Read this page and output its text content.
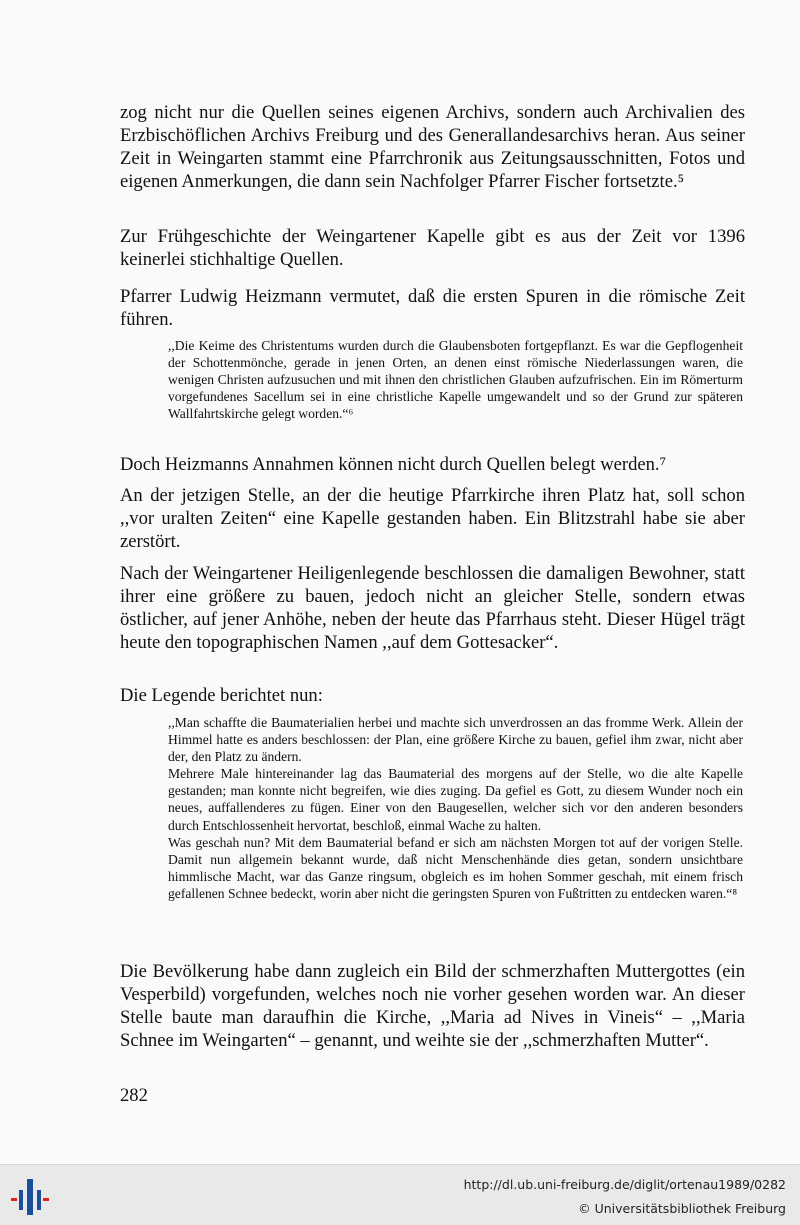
zog nicht nur die Quellen seines eigenen Archivs, sondern auch Archivalien des Erzbischöflichen Archivs Freiburg und des Generallandesarchivs heran. Aus seiner Zeit in Weingarten stammt eine Pfarrchronik aus Zeitungsausschnitten, Fotos und eigenen Anmerkungen, die dann sein Nachfolger Pfarrer Fischer fortsetzte.⁵

Zur Frühgeschichte der Weingartener Kapelle gibt es aus der Zeit vor 1396 keinerlei stichhaltige Quellen.

Pfarrer Ludwig Heizmann vermutet, daß die ersten Spuren in die römische Zeit führen.

,,Die Keime des Christentums wurden durch die Glaubensboten fortgepflanzt. Es war die Gepflogenheit der Schottenmönche, gerade in jenen Orten, an denen einst römische Niederlassungen waren, die wenigen Christen aufzusuchen und mit ihnen den christlichen Glauben aufzufrischen. Ein im Römerturm vorgefundenes Sacellum sei in eine christliche Kapelle umgewandelt und so der Grund zur späteren Wallfahrtskirche gelegt worden.“⁶

Doch Heizmanns Annahmen können nicht durch Quellen belegt werden.⁷

An der jetzigen Stelle, an der die heutige Pfarrkirche ihren Platz hat, soll schon ,,vor uralten Zeiten“ eine Kapelle gestanden haben. Ein Blitzstrahl habe sie aber zerstört.

Nach der Weingartener Heiligenlegende beschlossen die damaligen Bewohner, statt ihrer eine größere zu bauen, jedoch nicht an gleicher Stelle, sondern etwas östlicher, auf jener Anhöhe, neben der heute das Pfarrhaus steht. Dieser Hügel trägt heute den topographischen Namen ,,auf dem Gottesacker“.

Die Legende berichtet nun:

,,Man schaffte die Baumaterialien herbei und machte sich unverdrossen an das fromme Werk. Allein der Himmel hatte es anders beschlossen: der Plan, eine größere Kirche zu bauen, gefiel ihm zwar, nicht aber der, den Platz zu ändern.
Mehrere Male hintereinander lag das Baumaterial des morgens auf der Stelle, wo die alte Kapelle gestanden; man konnte nicht begreifen, wie dies zuging. Da gefiel es Gott, zu diesem Wunder noch ein neues, auffallenderes zu fügen. Einer von den Baugesellen, welcher sich vor den anderen besonders durch Entschlossenheit hervortat, beschloß, einmal Wache zu halten.
Was geschah nun? Mit dem Baumaterial befand er sich am nächsten Morgen tot auf der vorigen Stelle. Damit nun allgemein bekannt wurde, daß nicht Menschenhände dies getan, sondern unsichtbare himmlische Macht, war das Ganze ringsum, obgleich es im hohen Sommer geschah, mit einem frisch gefallenen Schnee bedeckt, worin aber nicht die geringsten Spuren von Fußtritten zu entdecken waren.“⁸

Die Bevölkerung habe dann zugleich ein Bild der schmerzhaften Muttergottes (ein Vesperbild) vorgefunden, welches noch nie vorher gesehen worden war. An dieser Stelle baute man daraufhin die Kirche, ,,Maria ad Nives in Vineis“ – ,,Maria Schnee im Weingarten“ – genannt, und weihte sie der ,,schmerzhaften Mutter“.

282
http://dl.ub.uni-freiburg.de/diglit/ortenau1989/0282
© Universitätsbibliothek Freiburg
